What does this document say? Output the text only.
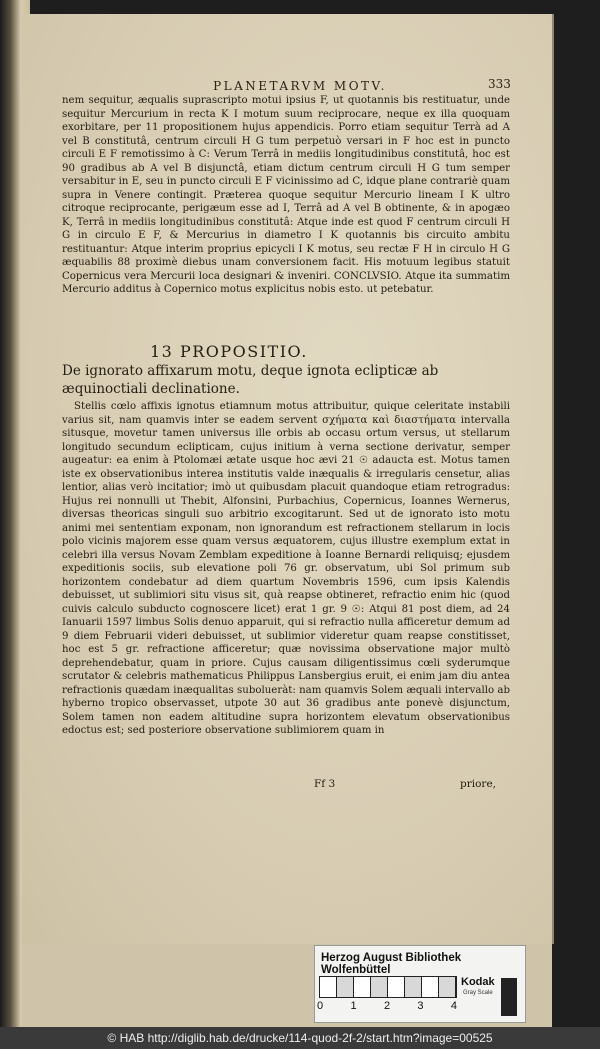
PLANETARVM MOTV.	333

nem sequitur, æqualis suprascripto motui ipsius F, ut quotannis bis restituatur, unde sequitur Mercurium in recta K I motum suum reciprocare, neque ex illa quoquam exorbitare, per 11 propositionem hujus appendicis. Porro etiam sequitur Terrà ad A vel B constitutâ, centrum circuli H G tum perpetuò versari in F hoc est in puncto circuli E F remotissimo à C: Verum Terrâ in mediis longitudinibus constitutâ, hoc est 90 gradibus ab A vel B disjunctâ, etiam dictum centrum circuli H G tum semper versabitur in E, seu in puncto circuli E F vicinissimo ad C, idque plane contrariè quam supra in Venere contingit. Præterea quoque sequitur Mercurio lineam I K ultro citroque reciprocante, perigæum esse ad I, Terrâ ad A vel B obtinente, & in apogæo K, Terrâ in mediis longitudinibus constitutâ: Atque inde est quod F centrum circuli H G in circulo E F, & Mercurius in diametro I K quotannis bis circuito ambitu restituantur: Atque interim proprius epicycli I K motus, seu rectæ F H in circulo H G æquabilis 88 proximè diebus unam conversionem facit. His motuum legibus statuit Copernicus vera Mercurii loca designari & inveniri. CONCLVSIO. Atque ita summatim Mercurio additus à Copernico motus explicitus nobis esto. ut petebatur.

13 PROPOSITIO.
De ignorato affixarum motu, deque ignota eclipticæ ab æquinoctiali declinatione.

Stellis cœlo affixis ignotus etiamnum motus attribuitur, quique celeritate instabili varius sit, nam quamvis inter se eadem servent σχήματα καὶ διαστήματα intervalla situsque, movetur tamen universus ille orbis ab occasu ortum versus, ut stellarum longitudo secundum eclipticam, cujus initium à verna sectione derivatur, semper augeatur: ea enim à Ptolomæi ætate usque hoc ævi 21 ☉ adaucta est. Motus tamen iste ex observationibus interea institutis valde inæqualis & irregularis censetur, alias lentior, alias verò incitatior; imò ut quibusdam placuit quandoque etiam retrogradus: Hujus rei nonnulli ut Thebit, Alfonsini, Purbachius, Copernicus, Ioannes Wernerus, diversas theoricas singuli suo arbitrio excogitarunt. Sed ut de ignorato isto motu animi mei sententiam exponam, non ignorandum est refractionem stellarum in locis polo vicinis majorem esse quam versus æquatorem, cujus illustre exemplum extat in celebri illa versus Novam Zemblam expeditione à Ioanne Bernardi reliquisq; ejusdem expeditionis sociis, sub elevatione poli 76 gr. observatum, ubi Sol primum sub horizontem condebatur ad diem quartum Novembris 1596, cum ipsis Kalendis debuisset, ut sublimiori situ visus sit, quà reapse obtineret, refractio enim hic (quod cuivis calculo subducto cognoscere licet) erat 1 gr. 9 ☉: Atqui 81 post diem, ad 24 Ianuarii 1597 limbus Solis denuo apparuit, qui si refractio nulla afficeretur demum ad 9 diem Februarii videri debuisset, ut sublimior videretur quam reapse constitisset, hoc est 5 gr. refractione afficeretur; quæ novissima observatione major multò deprehendebatur, quam in priore. Cujus causam diligentissimus cœli syderumque scrutator & celebris mathematicus Philippus Lansbergius eruit, ei enim jam diu antea refractionis quædam inæqualitas subolueràt: nam quamvis Solem æquali intervallo ab hyberno tropico observasset, utpote 30 aut 36 gradibus ante ponevè disjunctum, Solem tamen non eadem altitudine supra horizontem elevatum observationibus edoctus est; sed posteriore observatione sublimiorem quam in

Ff 3	priore,
Herzog August Bibliothek Wolfenbüttel
0 1 2 3 4
Kodak
Gray Scale
© HAB http://diglib.hab.de/drucke/114-quod-2f-2/start.htm?image=00525
